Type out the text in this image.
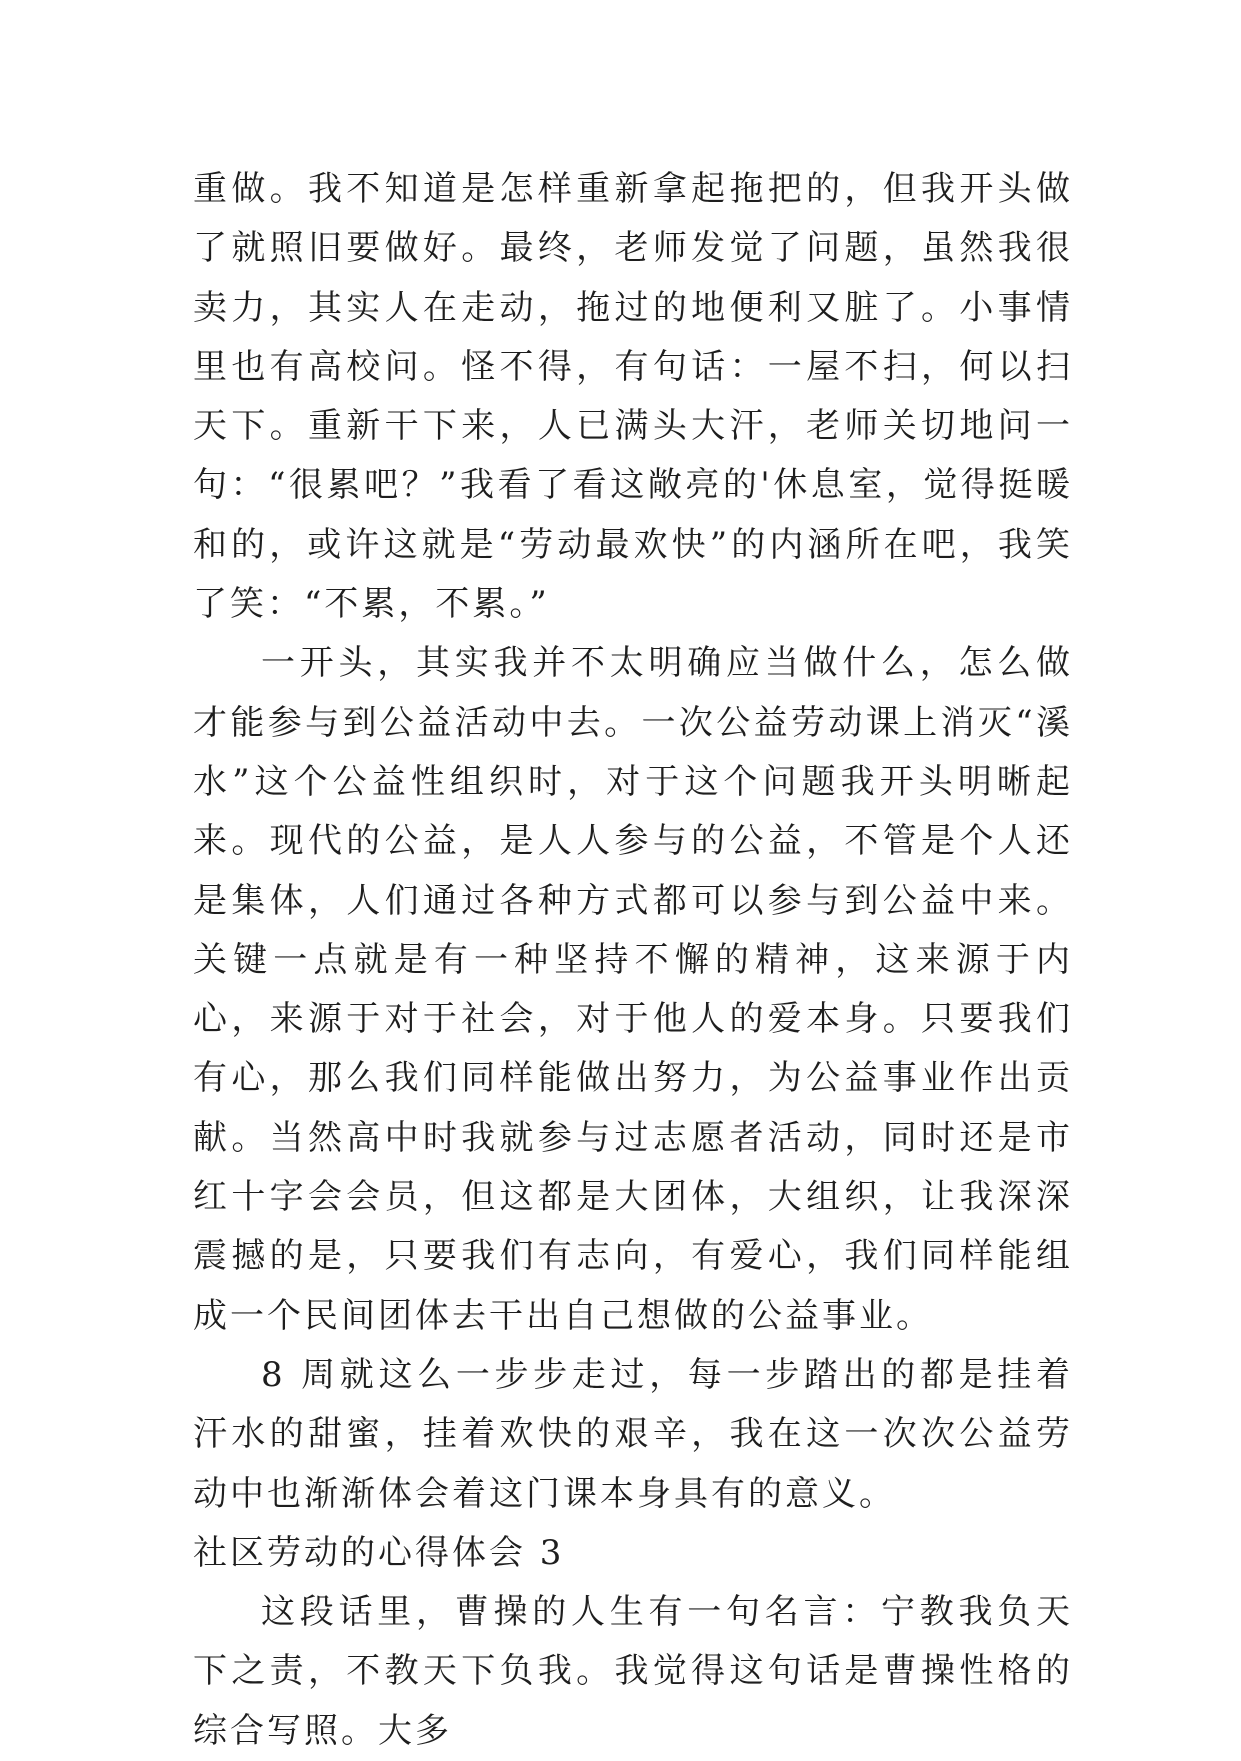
重做。我不知道是怎样重新拿起拖把的，但我开头做了就照旧要做好。最终，老师发觉了问题，虽然我很卖力，其实人在走动，拖过的地便利又脏了。小事情里也有高校问。怪不得，有句话：一屋不扫，何以扫天下。重新干下来，人已满头大汗，老师关切地问一句：“很累吧？”我看了看这敞亮的'休息室，觉得挺暖和的，或许这就是“劳动最欢快”的内涵所在吧，我笑了笑：“不累，不累。”

一开头，其实我并不太明确应当做什么，怎么做才能参与到公益活动中去。一次公益劳动课上消灭“溪水”这个公益性组织时，对于这个问题我开头明晰起来。现代的公益，是人人参与的公益，不管是个人还是集体，人们通过各种方式都可以参与到公益中来。关键一点就是有一种坚持不懈的精神，这来源于内心，来源于对于社会，对于他人的爱本身。只要我们有心，那么我们同样能做出努力，为公益事业作出贡献。当然高中时我就参与过志愿者活动，同时还是市红十字会会员，但这都是大团体，大组织，让我深深震撼的是，只要我们有志向，有爱心，我们同样能组成一个民间团体去干出自己想做的公益事业。

8 周就这么一步步走过，每一步踏出的都是挂着汗水的甜蜜，挂着欢快的艰辛，我在这一次次公益劳动中也渐渐体会着这门课本身具有的意义。

社区劳动的心得体会 3

这段话里，曹操的人生有一句名言：宁教我负天下之责，不教天下负我。我觉得这句话是曹操性格的综合写照。大多
